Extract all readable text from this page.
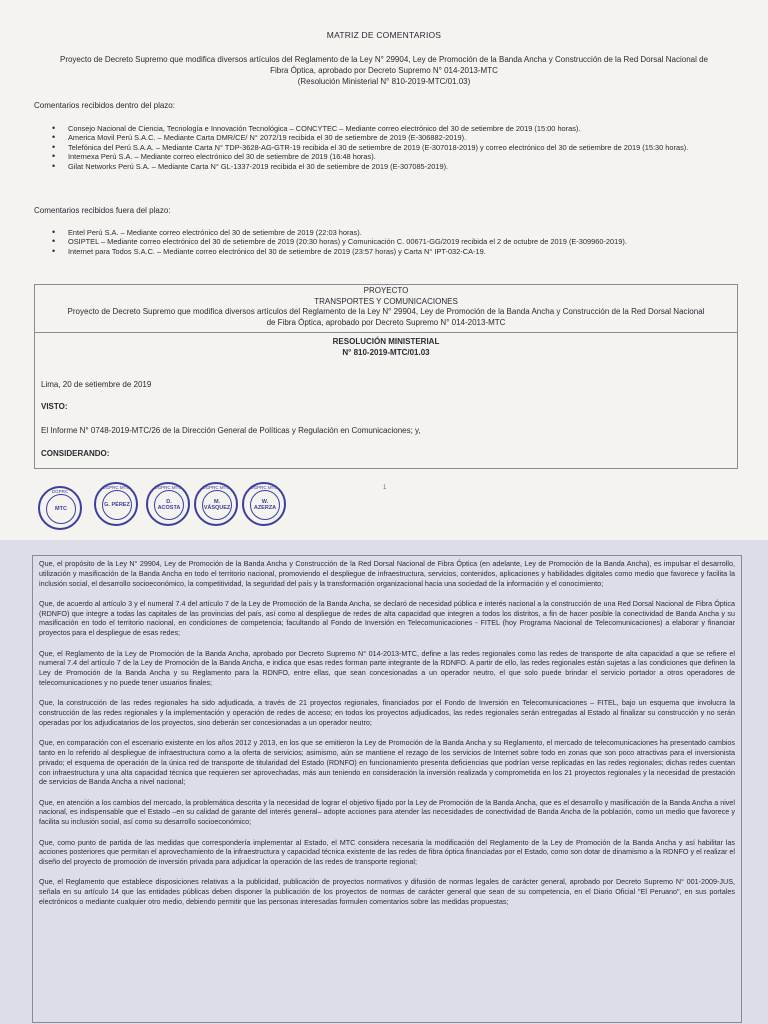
MATRIZ DE COMENTARIOS
Proyecto de Decreto Supremo que modifica diversos artículos del Reglamento de la Ley N° 29904, Ley de Promoción de la Banda Ancha y Construcción de la Red Dorsal Nacional de
Fibra Óptica, aprobado por Decreto Supremo N° 014-2013-MTC
(Resolución Ministerial N° 810-2019-MTC/01.03)
Comentarios recibidos dentro del plazo:
• Consejo Nacional de Ciencia, Tecnología e Innovación Tecnológica – CONCYTEC – Mediante correo electrónico del 30 de setiembre de 2019 (15:00 horas).
• America Movil Perú S.A.C. – Mediante Carta DMR/CE/ N° 2072/19 recibida el 30 de setiembre de 2019 (E-306882-2019).
• Telefónica del Perú S.A.A. – Mediante Carta N° TDP-3628-AG-GTR-19 recibida el 30 de setiembre de 2019 (E-307018-2019) y correo electrónico del 30 de setiembre de 2019 (15:30 horas).
• Internexa Perú S.A. – Mediante correo electrónico del 30 de setiembre de 2019 (16:48 horas).
• Gilat Networks Perú S.A. – Mediante Carta N° GL-1337-2019 recibida el 30 de setiembre de 2019 (E-307085-2019).
Comentarios recibidos fuera del plazo:
• Entel Perú S.A. – Mediante correo electrónico del 30 de setiembre de 2019 (22:03 horas).
• OSIPTEL – Mediante correo electrónico del 30 de setiembre de 2019 (20:30 horas) y Comunicación C. 00671-GG/2019 recibida el 2 de octubre de 2019 (E-309960-2019).
• Internet para Todos S.A.C. – Mediante correo electrónico del 30 de setiembre de 2019 (23:57 horas) y Carta N° IPT-032-CA-19.
PROYECTO
TRANSPORTES Y COMUNICACIONES
Proyecto de Decreto Supremo que modifica diversos artículos del Reglamento de la Ley N° 29904, Ley de Promoción de la Banda Ancha y Construcción de la Red Dorsal Nacional
de Fibra Óptica, aprobado por Decreto Supremo N° 014-2013-MTC
RESOLUCIÓN MINISTERIAL
N° 810-2019-MTC/01.03
Lima, 20 de setiembre de 2019
VISTO:
El Informe N° 0748-2019-MTC/26 de la Dirección General de Políticas y Regulación en Comunicaciones; y,
CONSIDERANDO:
1
DGPRC
MTC
DGPRC MTC
G. PÉREZ
DGPRC MTC
D. ACOSTA
DGPRC MTC
M. VÁSQUEZ
DGPRC MTC
W. AZERZA

Que, el propósito de la Ley N° 29904, Ley de Promoción de la Banda Ancha y Construcción de la Red Dorsal Nacional de Fibra Óptica (en adelante, Ley de Promoción de la Banda Ancha), es impulsar el desarrollo, utilización y masificación de la Banda Ancha en todo el territorio nacional, promoviendo el despliegue de infraestructura, servicios, contenidos, aplicaciones y habilidades digitales como medio que favorece y facilita la inclusión social, el desarrollo socioeconómico, la competitividad, la seguridad del país y la transformación organizacional hacia una sociedad de la información y el conocimiento;

Que, de acuerdo al artículo 3 y el numeral 7.4 del artículo 7 de la Ley de Promoción de la Banda Ancha, se declaró de necesidad pública e interés nacional a la construcción de una Red Dorsal Nacional de Fibra Óptica (RDNFO) que integre a todas las capitales de las provincias del país, así como al despliegue de redes de alta capacidad que integren a todos los distritos, a fin de hacer posible la conectividad de Banda Ancha y su masificación en todo el territorio nacional, en condiciones de competencia; facultando al Fondo de Inversión en Telecomunicaciones - FITEL (hoy Programa Nacional de Telecomunicaciones) a elaborar y financiar proyectos para el despliegue de esas redes;

Que, el Reglamento de la Ley de Promoción de la Banda Ancha, aprobado por Decreto Supremo N° 014-2013-MTC, define a las redes regionales como las redes de transporte de alta capacidad a que se refiere el numeral 7.4 del artículo 7 de la Ley de Promoción de la Banda Ancha, e indica que esas redes forman parte integrante de la RDNFO. A partir de ello, las redes regionales están sujetas a las condiciones que definen la Ley de Promoción de la Banda Ancha y su Reglamento para la RDNFO, entre ellas, que sean concesionadas a un operador neutro, el que solo puede brindar el servicio portador a otros operadores de telecomunicaciones y no puede tener usuarios finales;

Que, la construcción de las redes regionales ha sido adjudicada, a través de 21 proyectos regionales, financiados por el Fondo de Inversión en Telecomunicaciones – FITEL, bajo un esquema que involucra la construcción de las redes regionales y la implementación y operación de redes de acceso; en todos los proyectos adjudicados, las redes regionales serán entregadas al Estado al finalizar su construcción y no serán operadas por los adjudicatarios de los proyectos, sino deberán ser concesionadas a un operador neutro;

Que, en comparación con el escenario existente en los años 2012 y 2013, en los que se emitieron la Ley de Promoción de la Banda Ancha y su Reglamento, el mercado de telecomunicaciones ha presentado cambios tanto en lo referido al despliegue de infraestructura como a la oferta de servicios; asimismo, aún se mantiene el rezago de los servicios de Internet sobre todo en zonas que son poco atractivas para el inversionista privado; el esquema de operación de la única red de transporte de titularidad del Estado (RDNFO) en funcionamiento presenta deficiencias que podrían verse replicadas en las redes regionales; dichas redes cuentan con infraestructura y una alta capacidad técnica que requieren ser aprovechadas, más aun teniendo en consideración la inversión realizada y comprometida en los 21 proyectos regionales y la necesidad de prestación de servicios de Banda Ancha a nivel nacional;

Que, en atención a los cambios del mercado, la problemática descrita y la necesidad de lograr el objetivo fijado por la Ley de Promoción de la Banda Ancha, que es el desarrollo y masificación de la Banda Ancha a nivel nacional, es indispensable que el Estado –en su calidad de garante del interés general– adopte acciones para atender las necesidades de conectividad de Banda Ancha de la población, como un medio que favorece y facilita su inclusión social, así como su desarrollo socioeconómico;

Que, como punto de partida de las medidas que correspondería implementar al Estado, el MTC considera necesaria la modificación del Reglamento de la Ley de Promoción de la Banda Ancha y así habilitar las acciones posteriores que permitan el aprovechamiento de la infraestructura y capacidad técnica existente de las redes de fibra óptica financiadas por el Estado, como son dotar de dinamismo a la RDNFO y el realizar el diseño del proyecto de promoción de inversión privada para adjudicar la operación de las redes de transporte regional;

Que, el Reglamento que establece disposiciones relativas a la publicidad, publicación de proyectos normativos y difusión de normas legales de carácter general, aprobado por Decreto Supremo N° 001-2009-JUS, señala en su artículo 14 que las entidades públicas deben disponer la publicación de los proyectos de normas de carácter general que sean de su competencia, en el Diario Oficial "El Peruano", en sus portales electrónicos o mediante cualquier otro medio, debiendo permitir que las personas interesadas formulen comentarios sobre las medidas propuestas;
